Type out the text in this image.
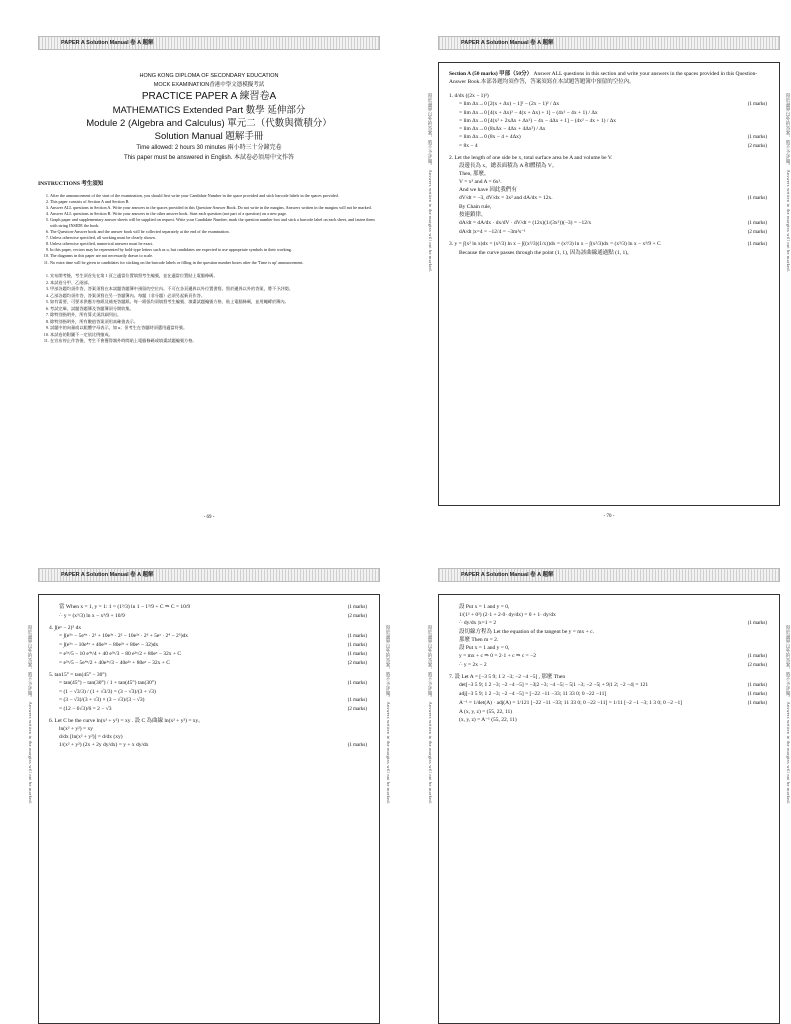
PAPER A Solution Manual 卷 A 題解
HONG KONG DIPLOMA OF SECONDARY EDUCATION
MOCK EXAMINATION香港中學文憑模擬考試
PRACTICE PAPER A 練習卷A
MATHEMATICS Extended Part 數學 延伸部分
Module 2 (Algebra and Calculus) 單元二（代數與微積分）
Solution Manual 題解手冊
Time allowed: 2 hours 30 minutes 兩小時三十分鐘完卷
This paper must be answered in English. 本試卷必須用中文作答
INSTRUCTIONS 考生須知
1. After the announcement of the start of the examination, you should first write your Candidate Number in the space provided and stick barcode labels in the spaces provided.
2. This paper consists of Section A and Section B.
3. Answer ALL questions in Section A. Write your answers in the spaces provided in this Question-Answer Book. Do not write in the margins. Answers written in the margins will not be marked.
4. Answer ALL questions in Section B. Write your answers in the other answer book. Start each question (not part of a question) on a new page.
5. Graph paper and supplementary answer sheets will be supplied on request. Write your Candidate Number, mark the question number box and stick a barcode label on each sheet, and fasten them with string INSIDE the book.
6. The Question-Answer book and the answer book will be collected separately at the end of the examination.
7. Unless otherwise specified, all working must be clearly shown.
8. Unless otherwise specified, numerical answers must be exact.
9. In this paper, vectors may be represented by bold-type letters such as u, but candidates are expected to use appropriate symbols in their working.
10. The diagrams in this paper are not necessarily drawn to scale.
11. No extra time will be given to candidates for sticking on the barcode labels or filling in the question number boxes after the 'Time is up' announcement.
1. 宣布開考後，考生須首先在第 1 頁之適當位置填寫考生編號，並在適當位置貼上電腦條碼。
2. 本試卷分甲、乙兩部。
3. 甲部各題均須作答，答案須寫在本試題答題簿中預留的空位內。不可在各頁邊界以外位置書寫。寫於邊界以外的答案，將不予評閱。
4. 乙部各題均須作答，答案須寫在另一答題簿內。每題（非分題）必須另起新頁作答。
5. 如有需要，可要求供應方格紙及補充答題紙。每一紙張均須填寫考生編號、填畫試題編號方格、貼上電腦條碼，並用繩縛於簿內。
6. 考試完畢，試題答題簿及答題簿須分開收集。
7. 除特別指明外，所有算式須詳細列出。
8. 除特別指明外，所有數值答案須用真確值表示。
9. 試題中的向量或以粗體字母表示，如 u；但考生在答題時須選用適當符號。
10. 本試卷的附圖不一定依比例繪成。
11. 在宣布停止作答後，考生不會獲得額外時間貼上電腦條碼或填畫試題編號方格。
- 69 -
PAPER A Solution Manual 卷 A 題解
寫於邊界以外的答案，將不予評閱。 Answers written in the margins will not be marked.	寫於邊界以外的答案，將不予評閱。 Answers written in the margins will not be marked.
Section A (50 marks) 甲部（50分） Answer ALL questions in this section and write your answers in the spaces provided in this Question-Answer Book.本部各題均須作答，答案須寫在本試題答題簿中預留的空位內。
1. d/dx ((2x − 1)²)
= lim Δx→0 [2(x + Δx) − 1]² − (2x − 1)² / Δx	(1 marks)
= lim Δx→0 [4(x + Δx)² − 4(x + Δx) + 1] − (4x² − 4x + 1) / Δx
= lim Δx→0 [4(x² + 2xΔx + Δx²) − 4x − 4Δx + 1] − (4x² − 4x + 1) / Δx
= lim Δx→0 (8xΔx − 4Δx + 4Δx²) / Δx
= lim Δx→0 (8x − 4 + 4Δx)	(1 marks)
= 8x − 4	(2 marks)
2. Let the length of one side be x, total surface area be A and volume be V.
設邊長為 x，總表面積為 A 和體積為 V。
Then, 那麼，
V = x³ and A = 6x².
And we have 因此我們有
dV/dt = −3, dV/dx = 3x² and dA/dx = 12x.	(1 marks)
By Chain rule,
按連鎖律，
dA/dt = dA/dx · dx/dV · dV/dt = (12x)(1/(3x²))(−3) = −12/x	(1 marks)
dA/dt |x=4 = −12/4 = −3m²s⁻¹	(2 marks)
3. y = ∫(x² ln x)dx = (x³/3) ln x − ∫((x³/3)(1/x))dx = (x³/3) ln x − ∫(x²/3)dx = (x³/3) ln x − x³/9 + C	(1 marks)
Because the curve passes through the point (1, 1), 因為該曲線通過點 (1, 1)，
- 70 -
PAPER A Solution Manual 卷 A 題解
寫於邊界以外的答案，將不予評閱。 Answers written in the margins will not be marked.	寫於邊界以外的答案，將不予評閱。 Answers written in the margins will not be marked.
當 When x = 1, y = 1: 1 = (1³/3) ln 1 − 1³/9 + C ⇒ C = 10/9	(1 marks)
∴ y = (x³/3) ln x − x³/9 + 10/9	(2 marks)
4. ∫(eˣ − 2)⁵ dx
= ∫(e⁵ˣ − 5e⁴ˣ · 2¹ + 10e³ˣ · 2² − 10e²ˣ · 2³ + 5eˣ · 2⁴ − 2⁵)dx	(1 marks)
= ∫(e⁵ˣ − 10e⁴ˣ + 40e³ˣ − 80e²ˣ + 80eˣ − 32)dx	(1 marks)
= e⁵ˣ/5 − 10 e⁴ˣ/4 + 40 e³ˣ/3 − 80 e²ˣ/2 + 80eˣ − 32x + C	(1 marks)
= e⁵ˣ/5 − 5e⁴ˣ/2 + 40e³ˣ/3 − 40e²ˣ + 80eˣ − 32x + C	(2 marks)
5. tan15° = tan(45° − 30°)
= tan(45°) − tan(30°) / 1 + tan(45°) tan(30°)	(1 marks)
= (1 − √3/3) / (1 + √3/3) = (3 − √3)/(3 + √3)
= (3 − √3)/(3 + √3) × (3 − √3)/(3 − √3)	(1 marks)
= (12 − 6√3)/6 = 2 − √3	(2 marks)
6. Let C be the curve ln(x² + y²) = xy . 設 C 為曲線 ln(x² + y²) = xy。
ln(x² + y²) = xy
d/dx [ln(x² + y²)] = d/dx (xy)
1/(x² + y²) (2x + 2y dy/dx) = y + x dy/dx	(1 marks)
PAPER A Solution Manual 卷 A 題解
寫於邊界以外的答案，將不予評閱。 Answers written in the margins will not be marked.	寫於邊界以外的答案，將不予評閱。 Answers written in the margins will not be marked.
設 Put x = 1 and y = 0,
1/(1² + 0²) (2·1 + 2·0· dy/dx) = 0 + 1· dy/dx
∴ dy/dx |x=1 = 2	(1 marks)
設切線方程為 Let the equation of the tangent be y = mx + c.
那麼 Then m = 2.
設 Put x = 1 and y = 0,
y = mx + c ⇒ 0 = 2·1 + c ⇒ c = −2	(1 marks)
∴ y = 2x − 2	(2 marks)
7. 設 Let A = [−3 5 9; 1 2 −3; −2 −4 −5] , 那麼 Then
det[−3 5 9; 1 2 −3; −2 −4 −5] = −3|2 −3; −4 −5| − 5|1 −3; −2 −5| + 9|1 2; −2 −4| = 121	(1 marks)
adj[−3 5 9; 1 2 −3; −2 −4 −5] = [−22 −11 −33; 11 33 0; 0 −22 −11]	(1 marks)
A⁻¹ = 1/det(A) · adj(A) = 1/121 [−22 −11 −33; 11 33 0; 0 −22 −11] = 1/11 [−2 −1 −3; 1 3 0; 0 −2 −1]	(1 marks)
A (x, y, z) = (55, 22, 11)
(x, y, z) = A⁻¹ (55, 22, 11)
